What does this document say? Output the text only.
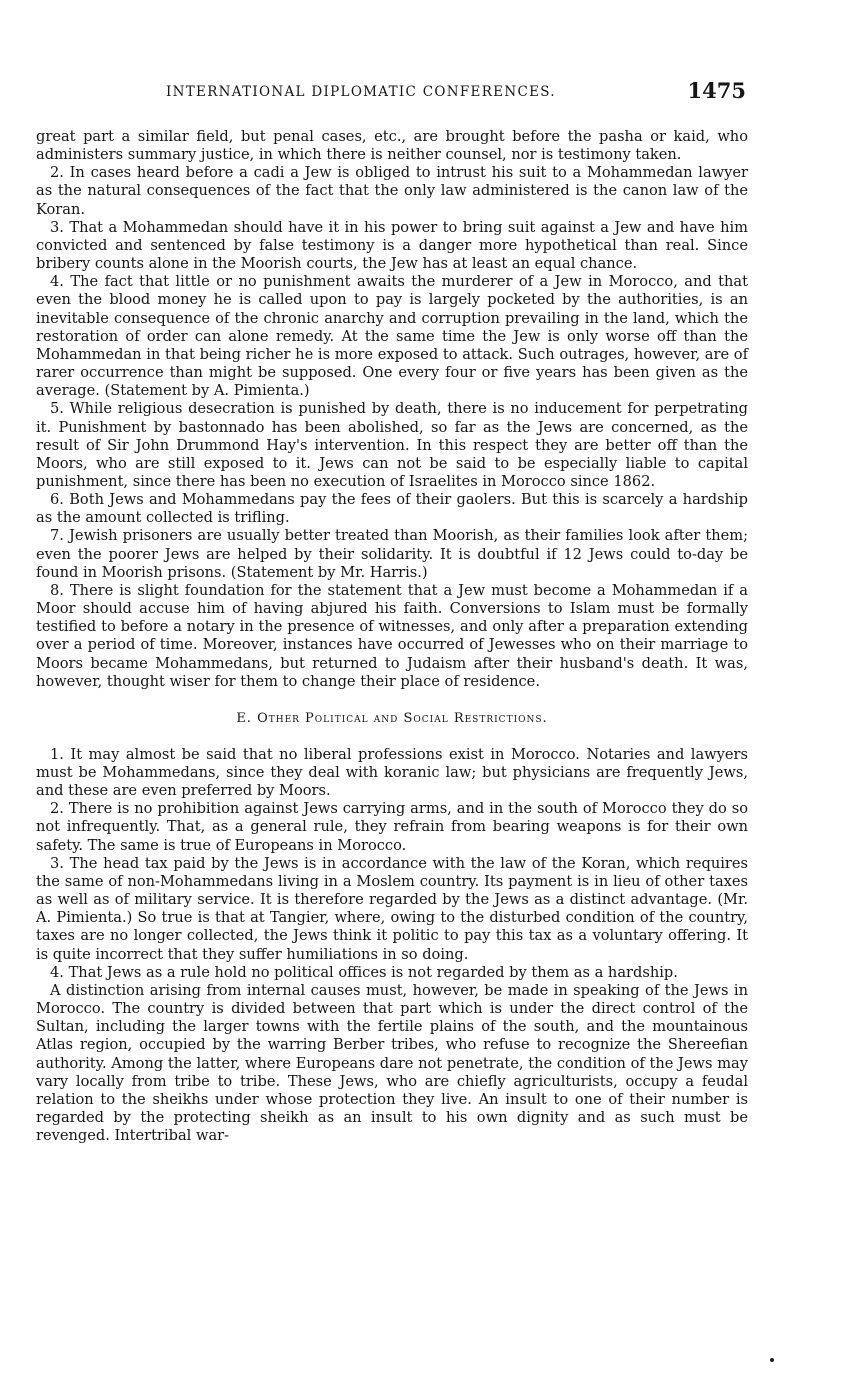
INTERNATIONAL DIPLOMATIC CONFERENCES.	1475

great part a similar field, but penal cases, etc., are brought before the pasha or kaid, who administers summary justice, in which there is neither counsel, nor is testimony taken.

2. In cases heard before a cadi a Jew is obliged to intrust his suit to a Mohammedan lawyer as the natural consequences of the fact that the only law administered is the canon law of the Koran.

3. That a Mohammedan should have it in his power to bring suit against a Jew and have him convicted and sentenced by false testimony is a danger more hypothetical than real. Since bribery counts alone in the Moorish courts, the Jew has at least an equal chance.

4. The fact that little or no punishment awaits the murderer of a Jew in Morocco, and that even the blood money he is called upon to pay is largely pocketed by the authorities, is an inevitable consequence of the chronic anarchy and corruption prevailing in the land, which the restoration of order can alone remedy. At the same time the Jew is only worse off than the Mohammedan in that being richer he is more exposed to attack. Such outrages, however, are of rarer occurrence than might be supposed. One every four or five years has been given as the average. (Statement by A. Pimienta.)

5. While religious desecration is punished by death, there is no inducement for perpetrating it. Punishment by bastonnado has been abolished, so far as the Jews are concerned, as the result of Sir John Drummond Hay's intervention. In this respect they are better off than the Moors, who are still exposed to it. Jews can not be said to be especially liable to capital punishment, since there has been no execution of Israelites in Morocco since 1862.

6. Both Jews and Mohammedans pay the fees of their gaolers. But this is scarcely a hardship as the amount collected is trifling.

7. Jewish prisoners are usually better treated than Moorish, as their families look after them; even the poorer Jews are helped by their solidarity. It is doubtful if 12 Jews could to-day be found in Moorish prisons. (Statement by Mr. Harris.)

8. There is slight foundation for the statement that a Jew must become a Mohammedan if a Moor should accuse him of having abjured his faith. Conversions to Islam must be formally testified to before a notary in the presence of witnesses, and only after a preparation extending over a period of time. Moreover, instances have occurred of Jewesses who on their marriage to Moors became Mohammedans, but returned to Judaism after their husband's death. It was, however, thought wiser for them to change their place of residence.

E. Other Political and Social Restrictions.

1. It may almost be said that no liberal professions exist in Morocco. Notaries and lawyers must be Mohammedans, since they deal with koranic law; but physicians are frequently Jews, and these are even preferred by Moors.

2. There is no prohibition against Jews carrying arms, and in the south of Morocco they do so not infrequently. That, as a general rule, they refrain from bearing weapons is for their own safety. The same is true of Europeans in Morocco.

3. The head tax paid by the Jews is in accordance with the law of the Koran, which requires the same of non-Mohammedans living in a Moslem country. Its payment is in lieu of other taxes as well as of military service. It is therefore regarded by the Jews as a distinct advantage. (Mr. A. Pimienta.) So true is that at Tangier, where, owing to the disturbed condition of the country, taxes are no longer collected, the Jews think it politic to pay this tax as a voluntary offering. It is quite incorrect that they suffer humiliations in so doing.

4. That Jews as a rule hold no political offices is not regarded by them as a hardship.

A distinction arising from internal causes must, however, be made in speaking of the Jews in Morocco. The country is divided between that part which is under the direct control of the Sultan, including the larger towns with the fertile plains of the south, and the mountainous Atlas region, occupied by the warring Berber tribes, who refuse to recognize the Shereefian authority. Among the latter, where Europeans dare not penetrate, the condition of the Jews may vary locally from tribe to tribe. These Jews, who are chiefly agriculturists, occupy a feudal relation to the sheikhs under whose protection they live. An insult to one of their number is regarded by the protecting sheikh as an insult to his own dignity and as such must be revenged. Intertribal war-
